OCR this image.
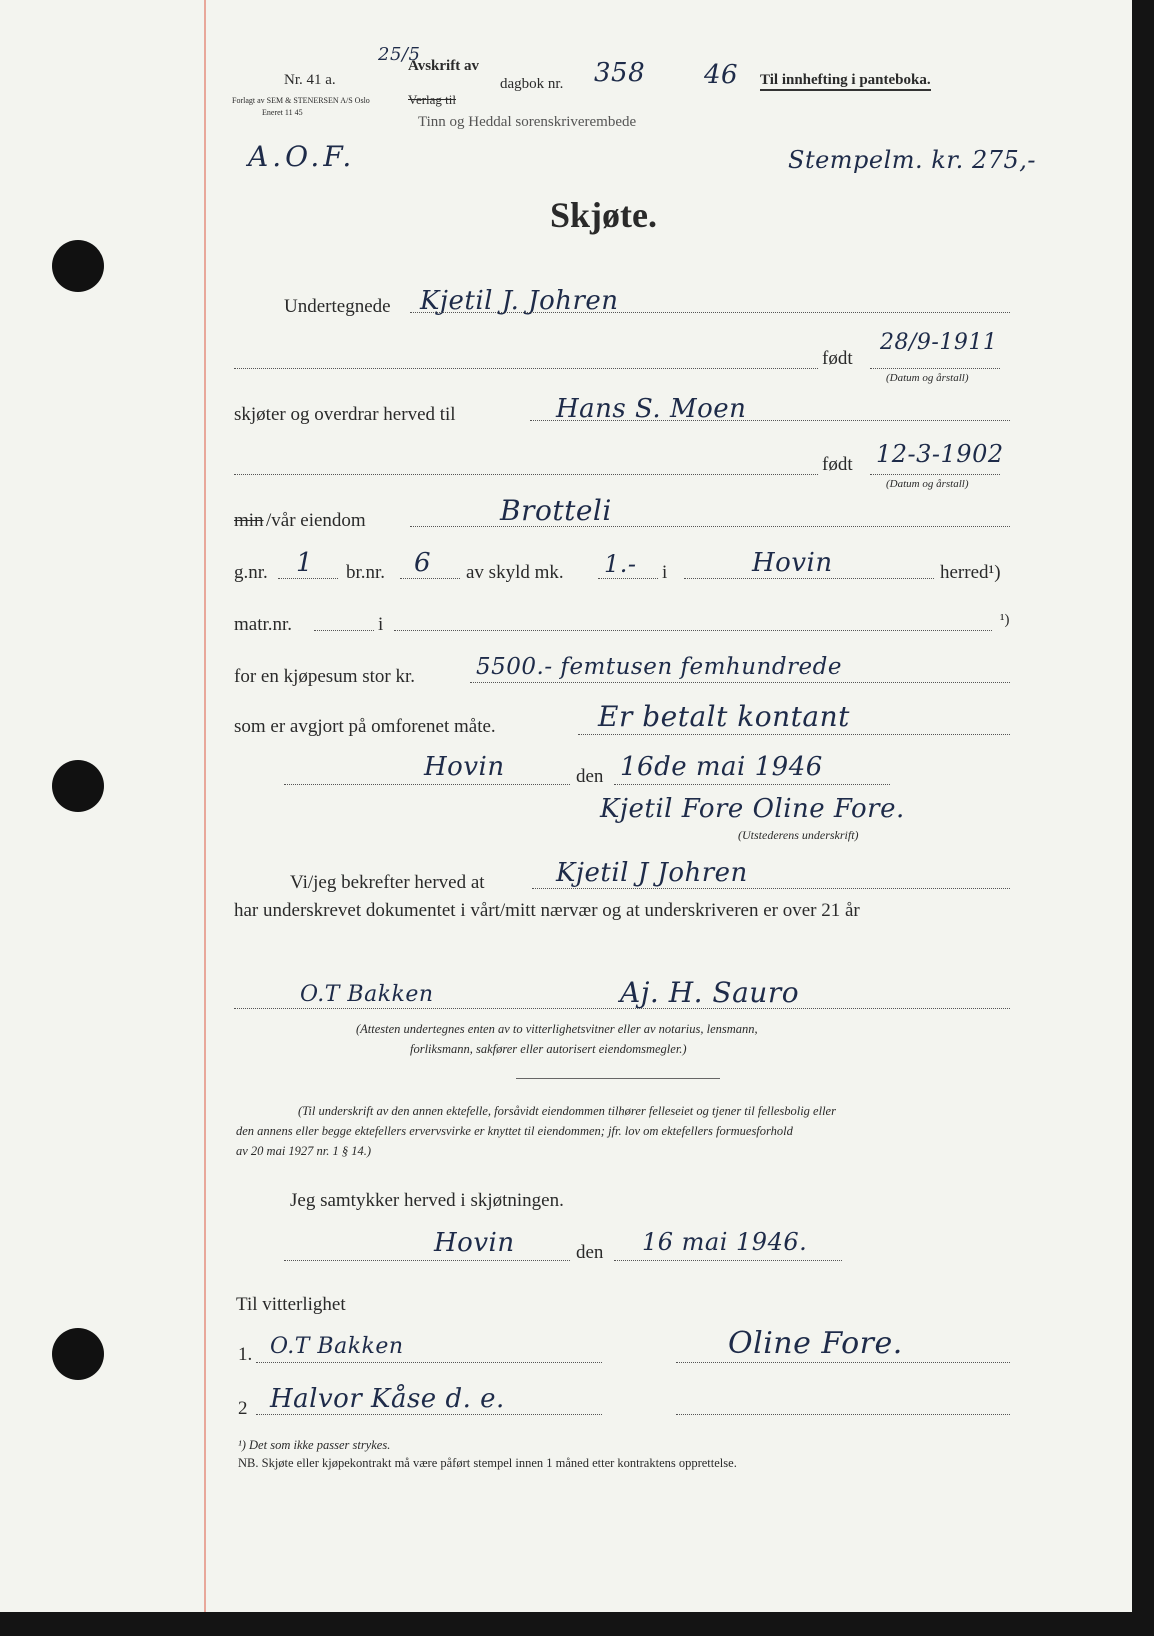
Nr. 41 a.
25/5
Avskrift av
dagbok nr. 358 46 Til innhefting i panteboka.
Forlagt av SEM & STENERSEN A/S Oslo
Eneret 11 45
Verlag til
Tinn og Heddal sorenskriverembede
A.O.F.	Stempelm. kr. 275,-
Skjøte.
Undertegnede Kjetil J. Johren
født
28/9-1911
(Datum og årstall)
skjøter og overdrar herved til	Hans S. Moen
født 12-3-1902
(Datum og årstall)
min /vår eiendom	Brotteli
g.nr. 1 br.nr. 6 av skyld mk. 1.- i	Hovin	herred¹)
matr.nr.	i	¹)
for en kjøpesum stor kr.	5500.- femtusen femhundrede
som er avgjort på omforenet måte.	Er betalt kontant
Hovin	den 16de mai 1946
Kjetil Fore Oline Fore.
(Utstederens underskrift)
Vi/jeg bekrefter herved at	Kjetil J Johren
har underskrevet dokumentet i vårt/mitt nærvær og at underskriveren er over 21 år
O.T Bakken	Aj. H. Sauro
(Attesten undertegnes enten av to vitterlighetsvitner eller av notarius, lensmann,
forliksmann, sakfører eller autorisert eiendomsmegler.)
(Til underskrift av den annen ektefelle, forsåvidt eiendommen tilhører felleseiet og tjener til fellesbolig eller
den annens eller begge ektefellers ervervsvirke er knyttet til eiendommen; jfr. lov om ektefellers formuesforhold
av 20 mai 1927 nr. 1 § 14.)
Jeg samtykker herved i skjøtningen.
Hovin	den 16 mai 1946.
Til vitterlighet
1. O.T Bakken	Oline Fore.
2 Halvor Kåse d. e.
¹) Det som ikke passer strykes.
NB. Skjøte eller kjøpekontrakt må være påført stempel innen 1 måned etter kontraktens opprettelse.
